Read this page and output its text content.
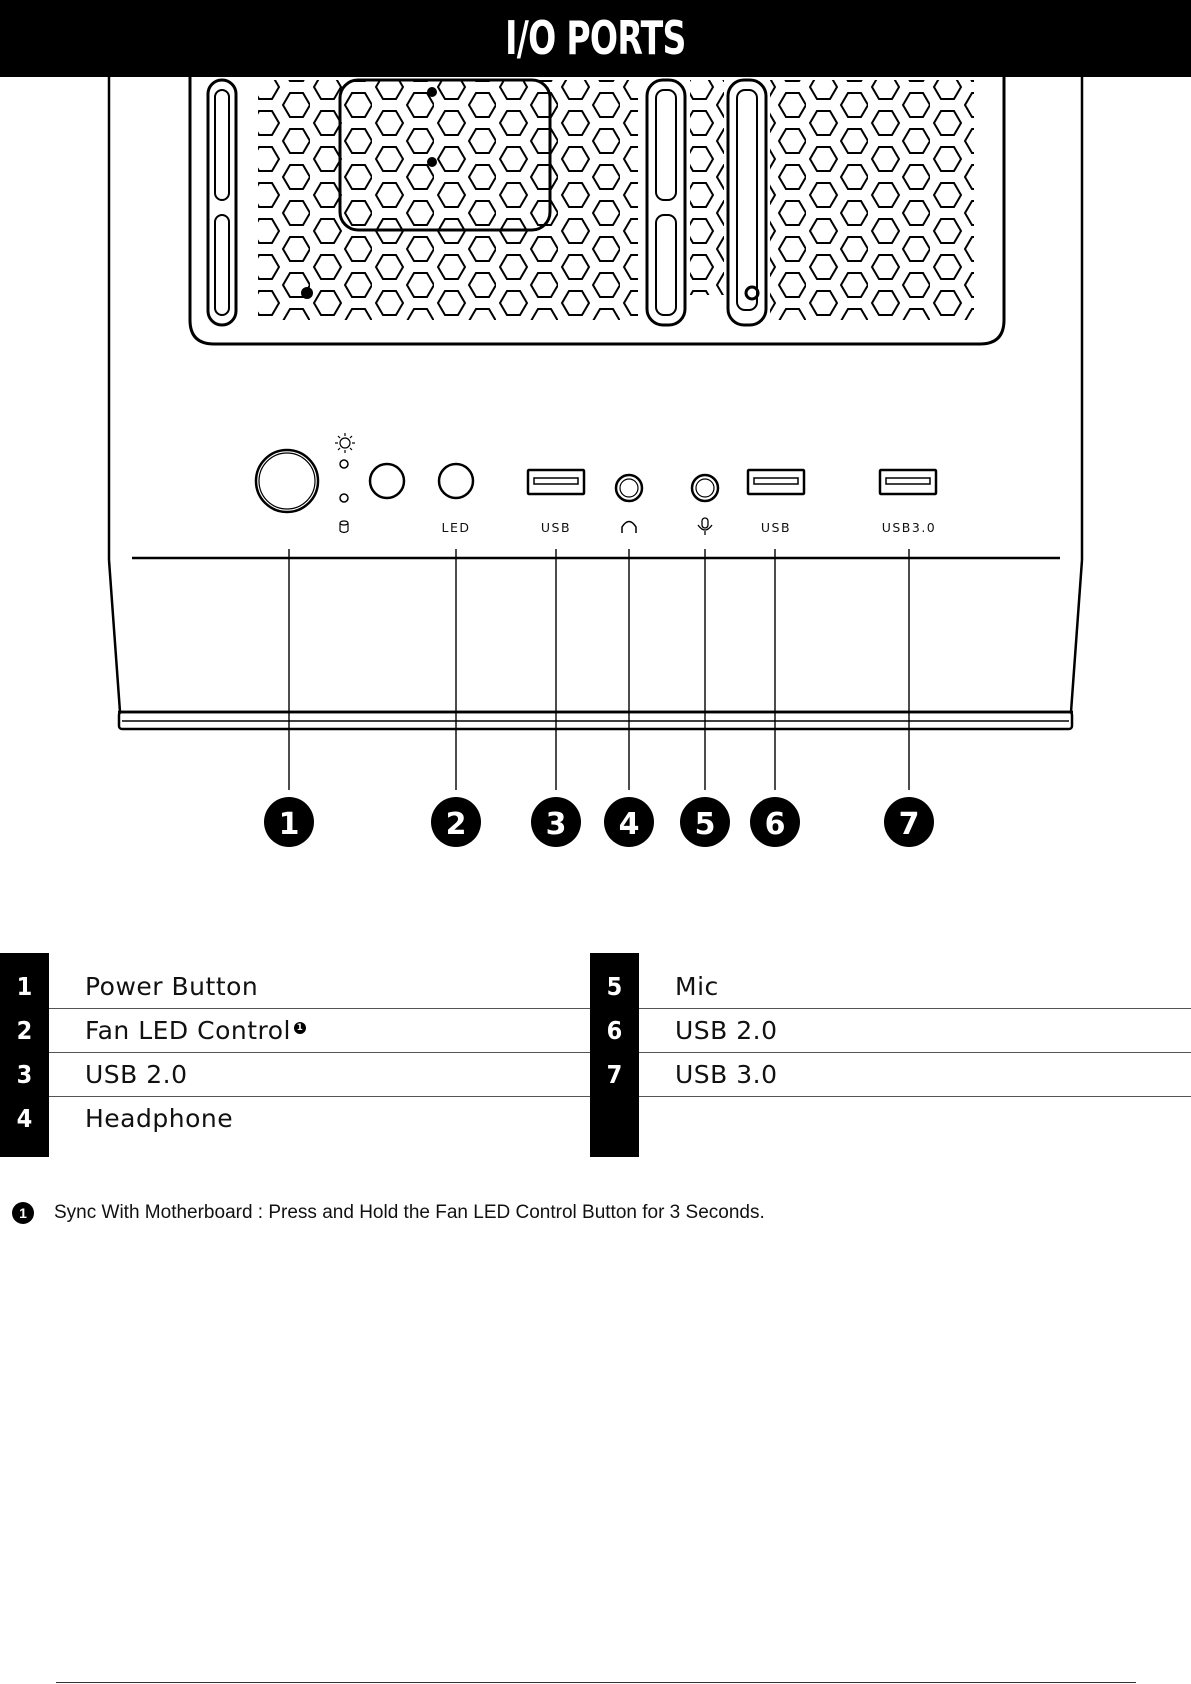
I/O PORTS
LED	USB	USB	USB3.0
1	2	3 4 5 6	7
1	Power Button
2	Fan LED Control 1
3	USB 2.0
4	Headphone
5	Mic
6	USB 2.0
7	USB 3.0
1	Sync With Motherboard : Press and Hold the Fan LED Control Button for 3 Seconds.
